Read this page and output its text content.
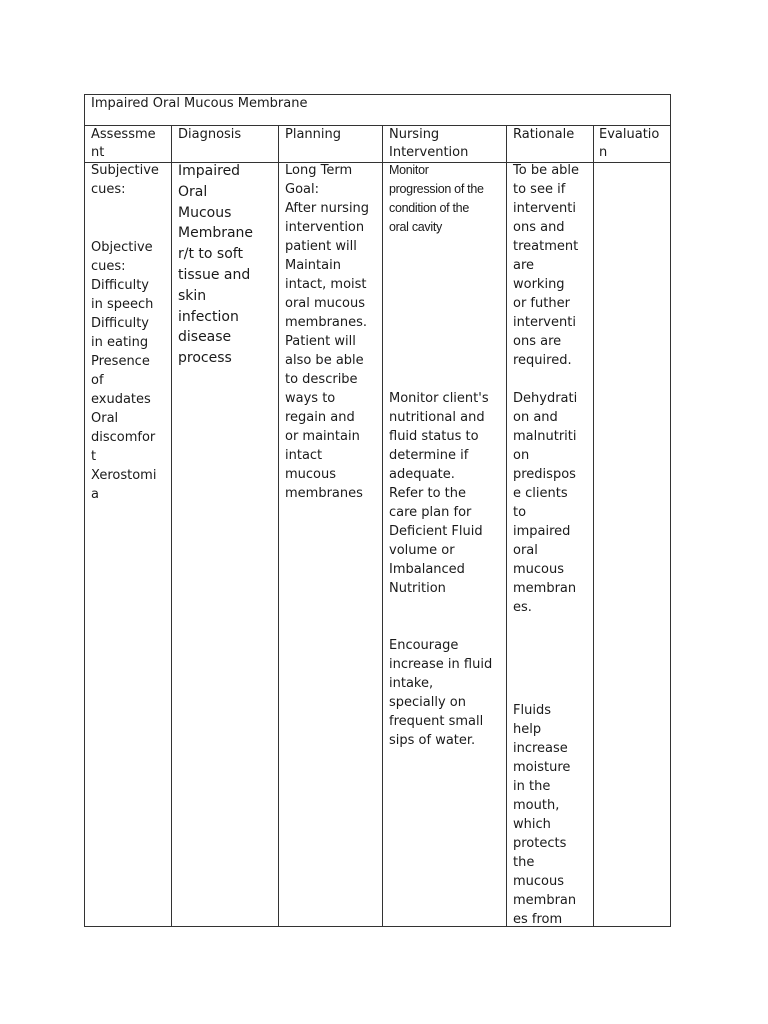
Impaired Oral Mucous Membrane
Assessme
nt
Diagnosis	Planning	Nursing
Intervention
Rationale Evaluatio
n
Subjective
cues:
Objective
cues:
Difficulty
in speech
Difficulty
in eating
Presence
of
exudates
Oral
discomfor
t
Xerostomi
a
Impaired
Oral
Mucous
Membrane
r/t to soft
tissue and
skin
infection
disease
process
Long Term
Goal:
After nursing
intervention
patient will
Maintain
intact, moist
oral mucous
membranes.
Patient will
also be able
to describe
ways to
regain and
or maintain
intact
mucous
membranes
Monitor
progression of the
condition of the
oral cavity
Monitor client's
nutritional and
fluid status to
determine if
adequate.
Refer to the
care plan for
Deficient Fluid
volume or
Imbalanced
Nutrition
Encourage
increase in fluid
intake,
specially on
frequent small
sips of water.
To be able
to see if
interventi
ons and
treatment
are
working
or futher
interventi
ons are
required.
Dehydrati
on and
malnutriti
on
predispos
e clients
to
impaired
oral
mucous
membran
es.
Fluids
help
increase
moisture
in the
mouth,
which
protects
the
mucous
membran
es from
